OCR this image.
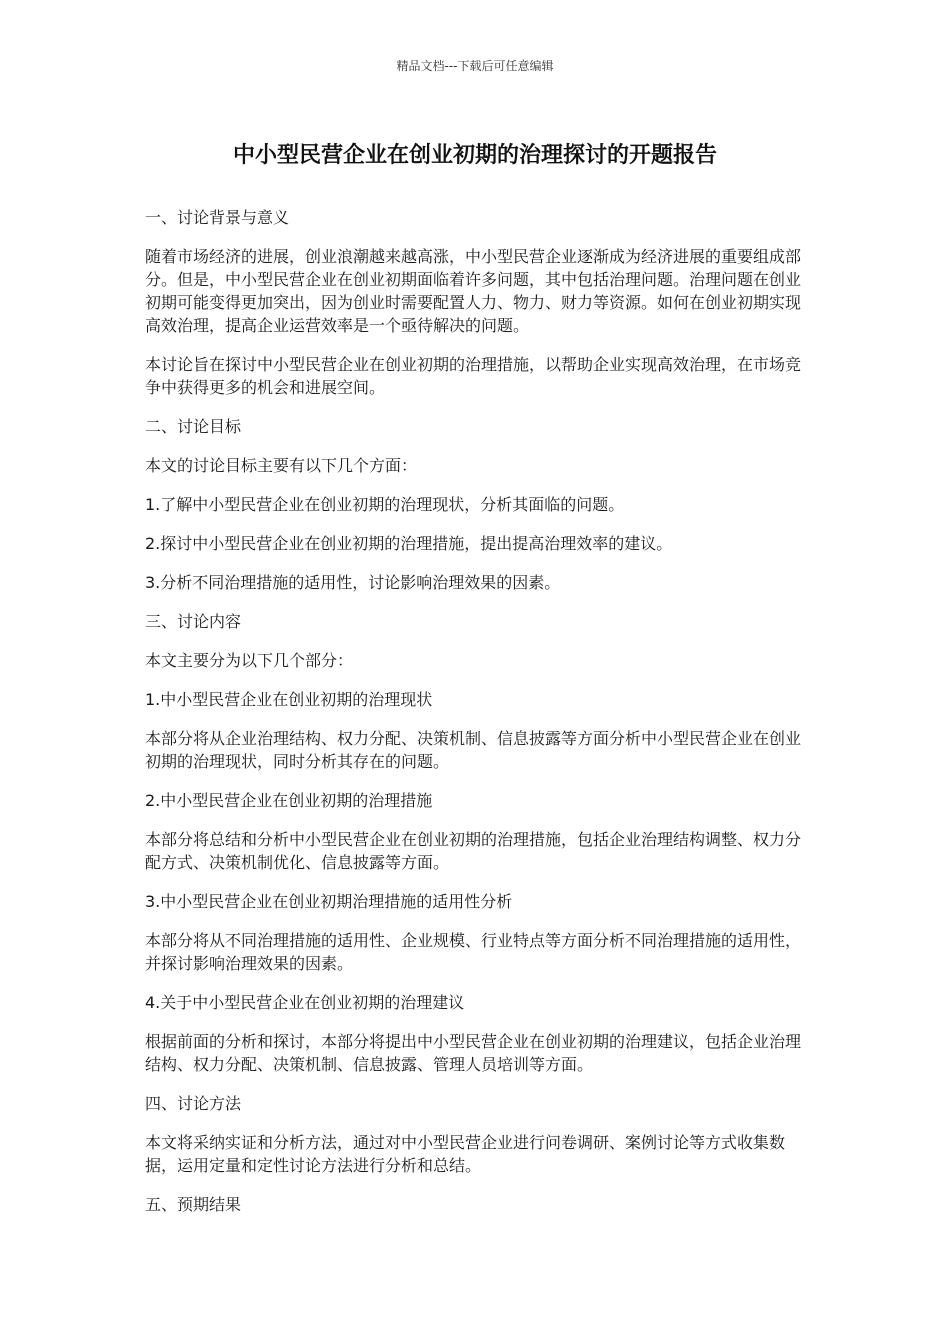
精品文档---下载后可任意编辑
中小型民营企业在创业初期的治理探讨的开题报告

一、讨论背景与意义

随着市场经济的进展，创业浪潮越来越高涨，中小型民营企业逐渐成为经济进展的重要组成部分。但是，中小型民营企业在创业初期面临着许多问题，其中包括治理问题。治理问题在创业初期可能变得更加突出，因为创业时需要配置人力、物力、财力等资源。如何在创业初期实现高效治理，提高企业运营效率是一个亟待解决的问题。

本讨论旨在探讨中小型民营企业在创业初期的治理措施，以帮助企业实现高效治理，在市场竞争中获得更多的机会和进展空间。

二、讨论目标

本文的讨论目标主要有以下几个方面：

1.了解中小型民营企业在创业初期的治理现状，分析其面临的问题。

2.探讨中小型民营企业在创业初期的治理措施，提出提高治理效率的建议。

3.分析不同治理措施的适用性，讨论影响治理效果的因素。

三、讨论内容

本文主要分为以下几个部分：

1.中小型民营企业在创业初期的治理现状

本部分将从企业治理结构、权力分配、决策机制、信息披露等方面分析中小型民营企业在创业初期的治理现状，同时分析其存在的问题。

2.中小型民营企业在创业初期的治理措施

本部分将总结和分析中小型民营企业在创业初期的治理措施，包括企业治理结构调整、权力分配方式、决策机制优化、信息披露等方面。

3.中小型民营企业在创业初期治理措施的适用性分析

本部分将从不同治理措施的适用性、企业规模、行业特点等方面分析不同治理措施的适用性，并探讨影响治理效果的因素。

4.关于中小型民营企业在创业初期的治理建议

根据前面的分析和探讨，本部分将提出中小型民营企业在创业初期的治理建议，包括企业治理结构、权力分配、决策机制、信息披露、管理人员培训等方面。

四、讨论方法

本文将采纳实证和分析方法，通过对中小型民营企业进行问卷调研、案例讨论等方式收集数据，运用定量和定性讨论方法进行分析和总结。

五、预期结果
